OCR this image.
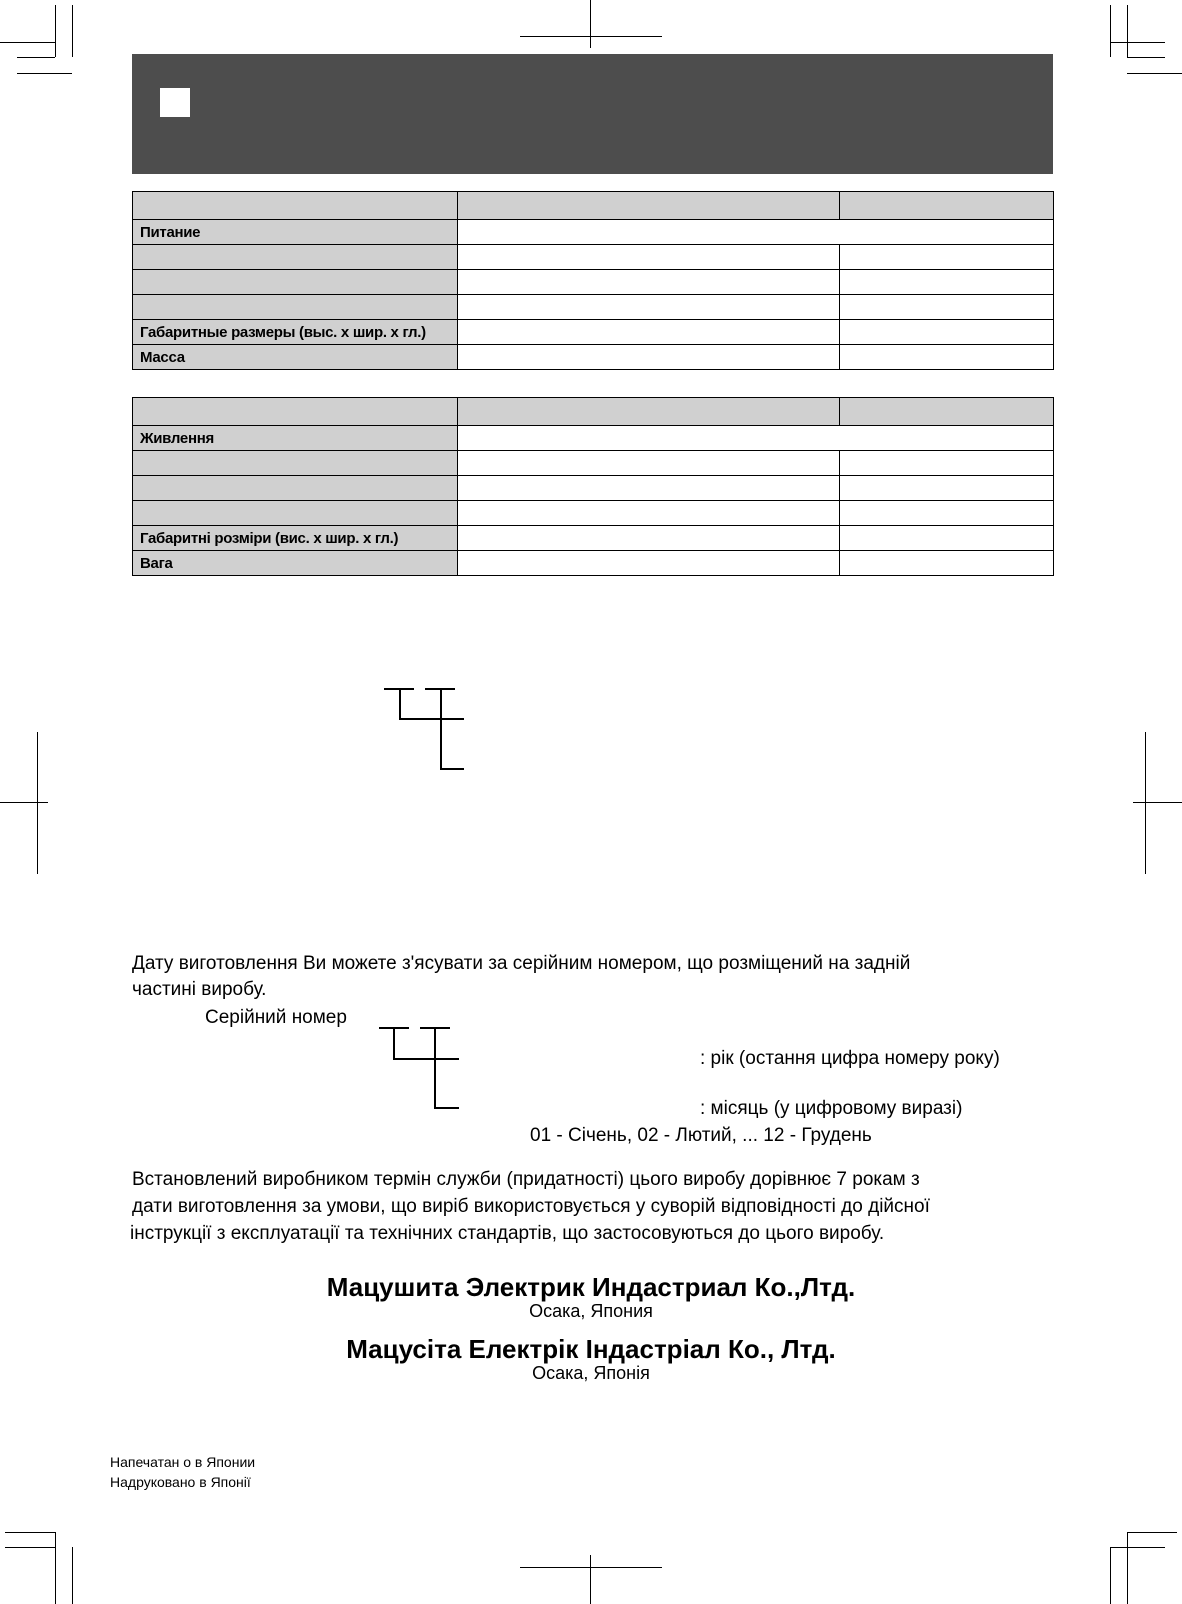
Питание		

Габаритные размеры (выс. x шир. x гл.)		
Масса		

Живлення		

Габаритні розміри (вис. x шир. x гл.)		
Вага		
Дату виготовлення Ви можете з'ясувати за серійним номером, що розміщений на задній
частині виробу.
Серійний номер
: рік (остання цифра номеру року)
: місяць (у цифровому виразі)
01 - Січень, 02 - Лютий, ... 12 - Грудень
Встановлений виробником термін служби (придатності) цього виробу дорівнює 7 рокам з
дати виготовлення за умови, що виріб використовується у суворій відповідності до дійсної
інструкції з експлуатації та технічних стандартів, що застосовуються до цього виробу.
Мацушита Электрик Индастриал Ко.,Лтд.
Осака, Япония
Мацусіта Електрік Індастріал Ко., Лтд.
Осака, Японія
Напечатан о в Японии
Надруковано в Японії
